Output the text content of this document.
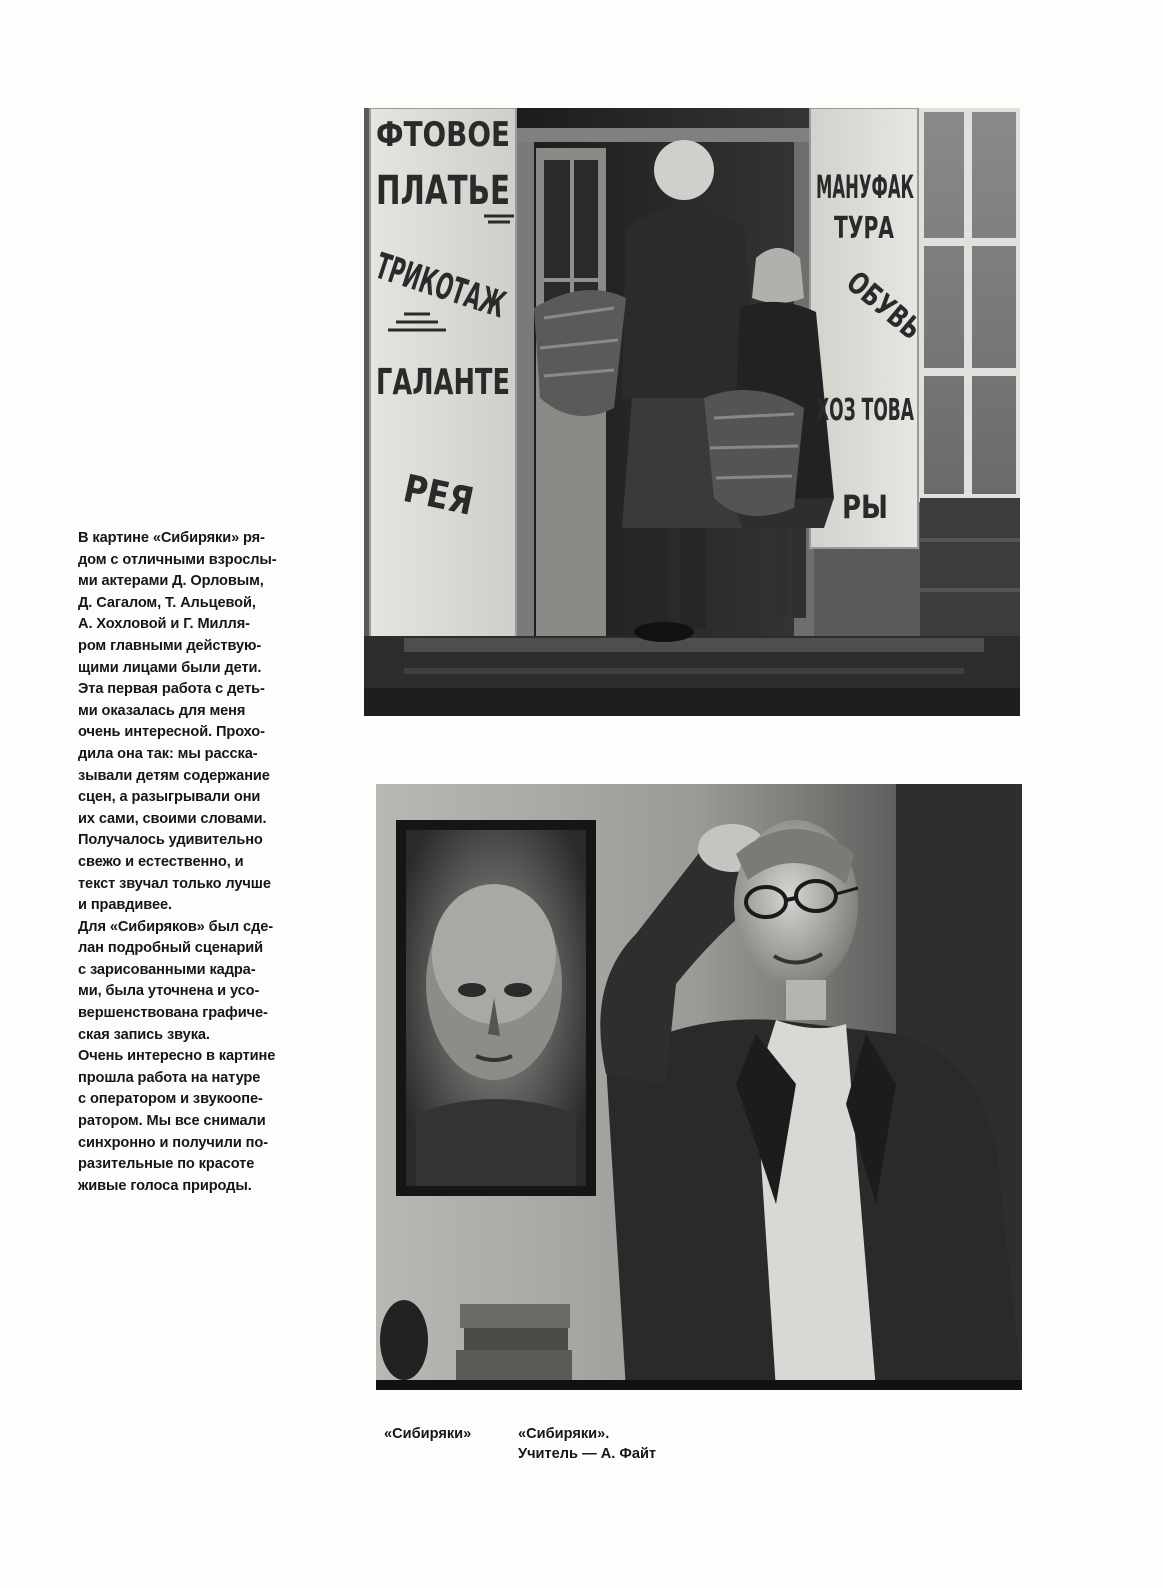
ФТОВОЕ
ПЛАТЬЕ
ТРИКОТАЖ
ГАЛАНТЕ
РЕЯ
МАНУФАК
ТУРА
ОБУВЬ
ХОЗ ТОВА
РЫ
В картине «Сибиряки» ря-
дом с отличными взрослы-
ми актерами Д. Орловым,
Д. Сагалом, Т. Альцевой,
А. Хохловой и Г. Милля-
ром главными действую-
щими лицами были дети.
Эта первая работа с деть-
ми оказалась для меня
очень интересной. Прохо-
дила она так: мы расска-
зывали детям содержание
сцен, а разыгрывали они
их сами, своими словами.
Получалось удивительно
свежо и естественно, и
текст звучал только лучше
и правдивее.
Для «Сибиряков» был сде-
лан подробный сценарий
с зарисованными кадра-
ми, была уточнена и усо-
вершенствована графиче-
ская запись звука.
Очень интересно в картине
прошла работа на натуре
с оператором и звукоопе-
ратором. Мы все снимали
синхронно и получили по-
разительные по красоте
живые голоса природы.
«Сибиряки»	«Сибиряки».
Учитель — А. Файт
